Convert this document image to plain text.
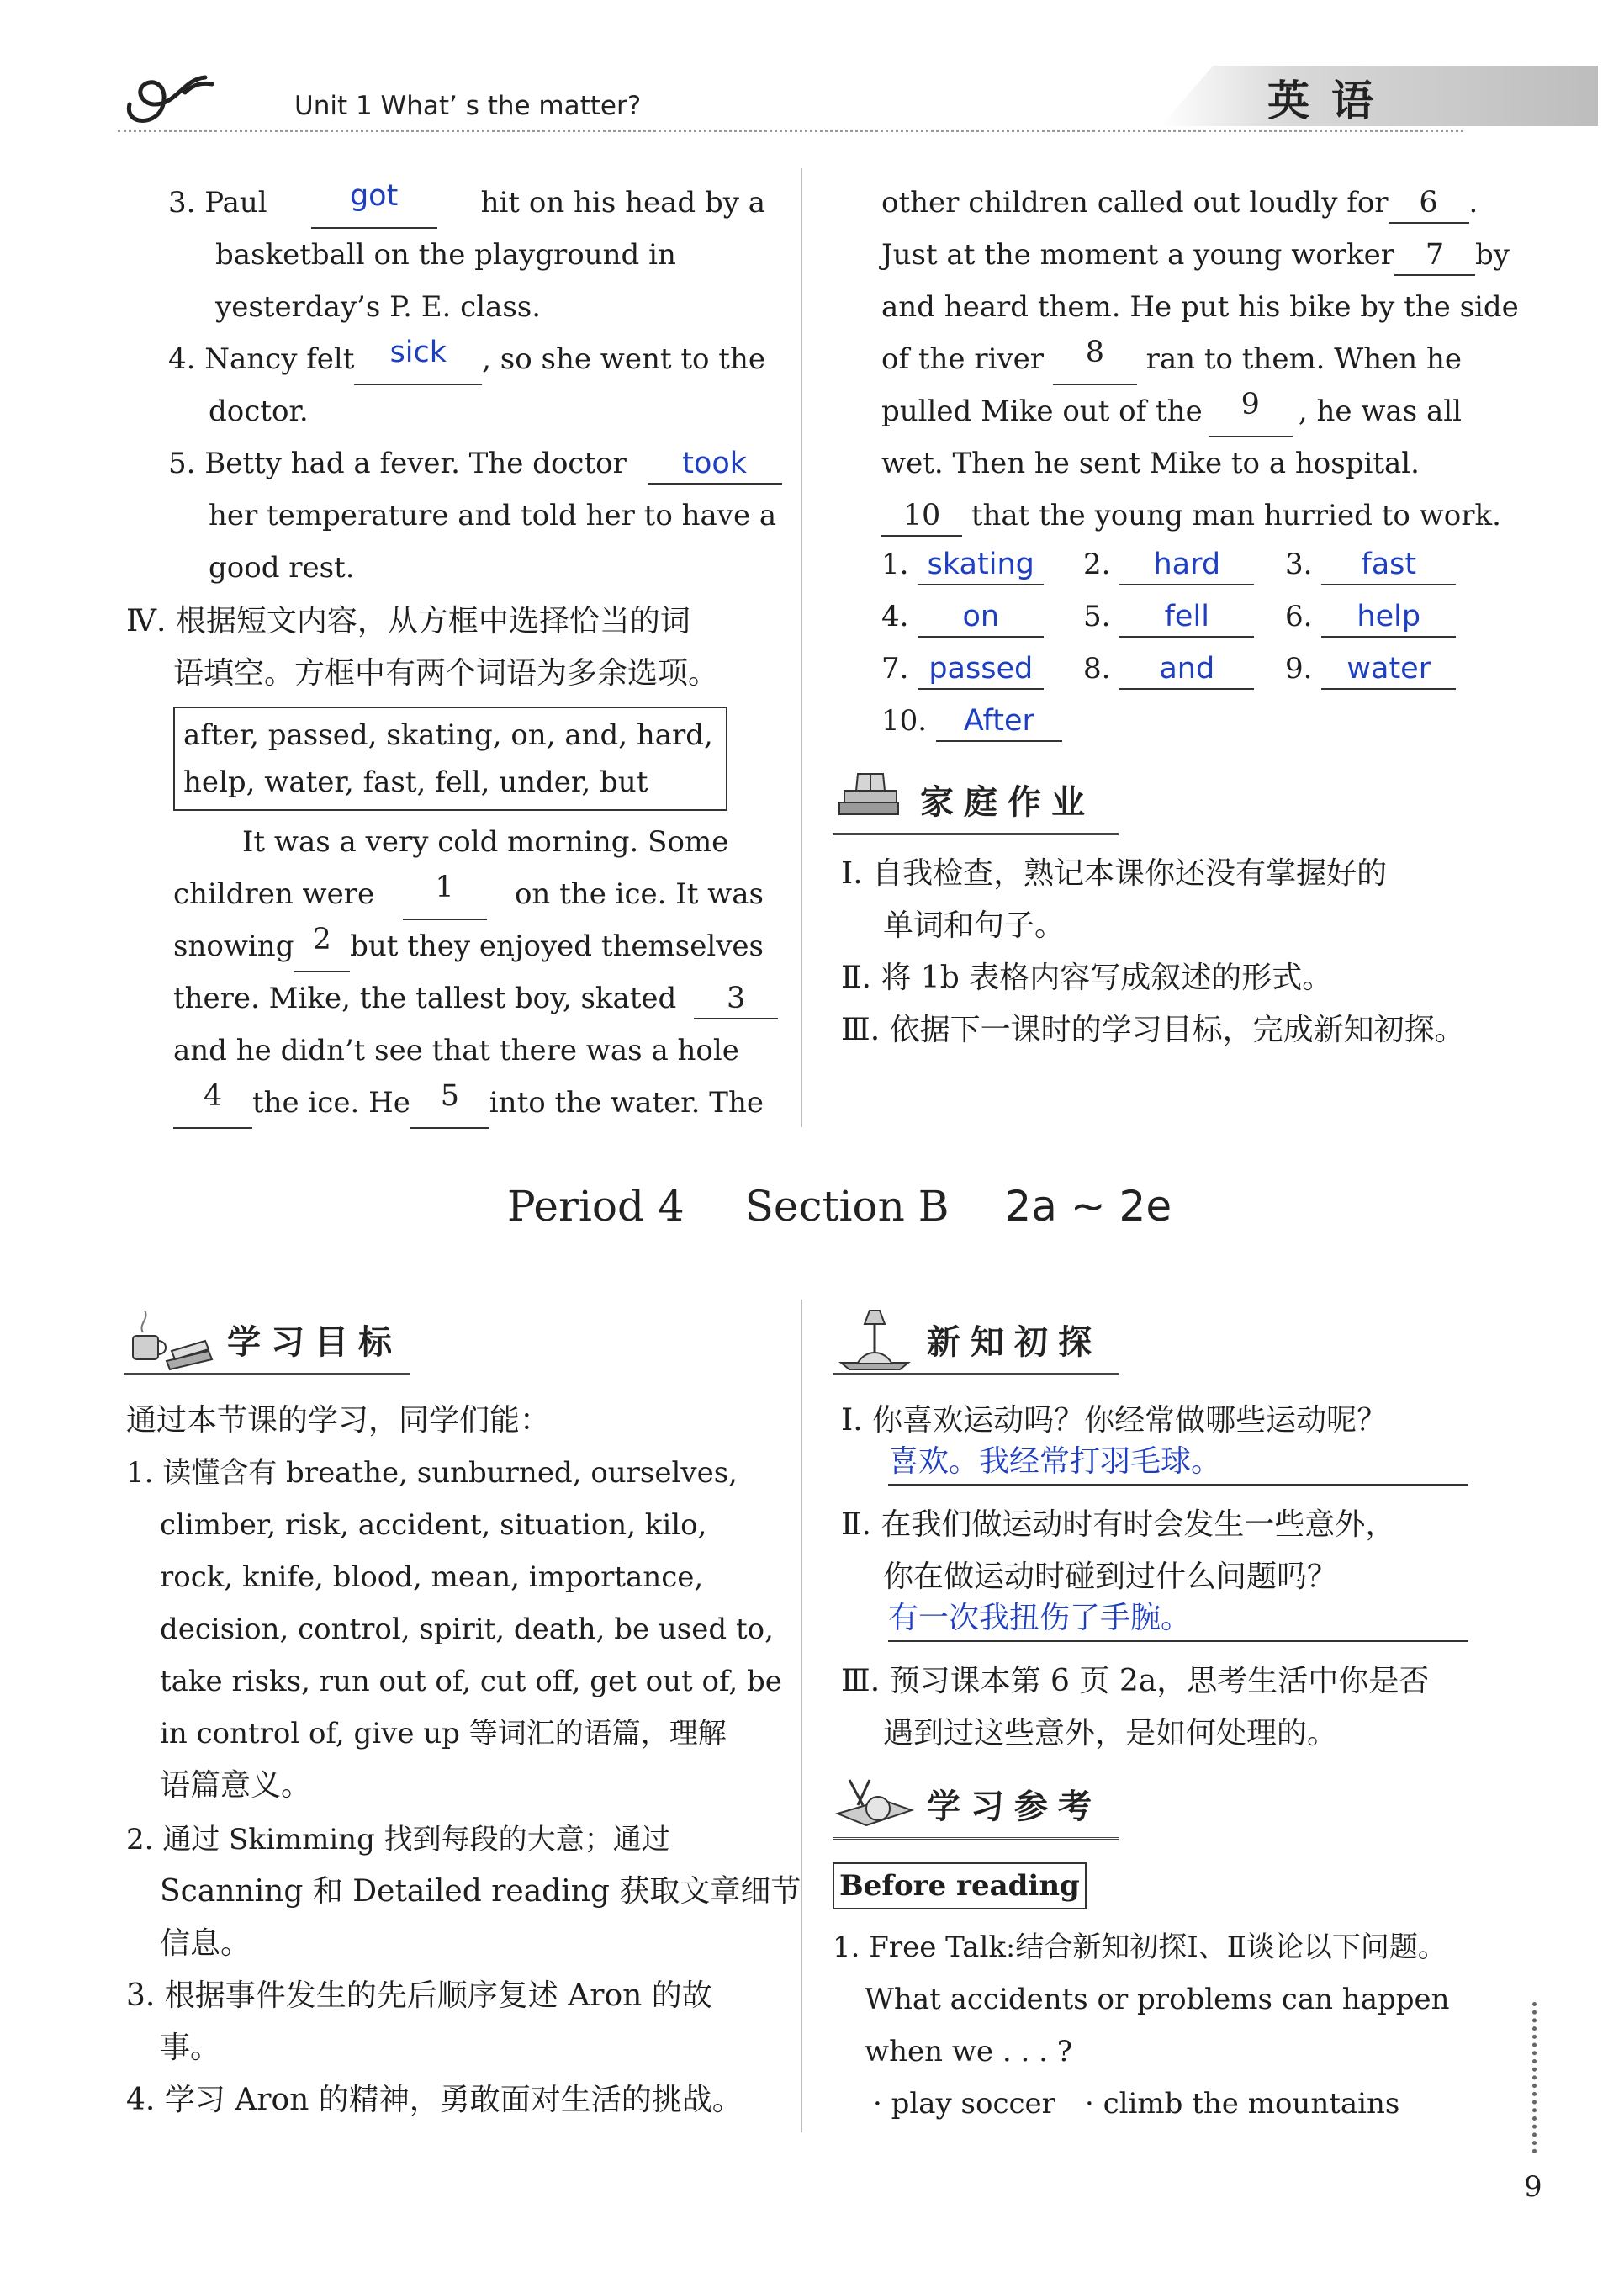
Unit 1 What’ s the matter?	英语
3. Paul	got	hit on his head by a
basketball on the playground in
yesterday’s P. E. class.
4. Nancy felt	sick	, so she went to the
doctor.
5. Betty had a fever. The doctor took
her temperature and told her to have a
good rest.
Ⅳ. 根据短文内容，从方框中选择恰当的词
语填空。方框中有两个词语为多余选项。
after, passed, skating, on, and, hard,
help, water, fast, fell, under, but
It was a very cold morning. Some
children were	1	on the ice. It was
snowing 2 but they enjoyed themselves
there. Mike, the tallest boy, skated 3
and he didn’t see that there was a hole
4	the ice. He	5	into the water. The
other children called out loudly for	6 .
Just at the moment a young worker	7 by
and heard them. He put his bike by the side
of the river	8	ran to them. When he
pulled Mike out of the	9	, he was all
wet. Then he sent Mike to a hospital.
10 that the young man hurried to work.
1. skating	2. hard	3. fast
4. on	5. fell	6. help
7. passed	8. and	9. water
10. After
家庭作业
Ⅰ. 自我检查，熟记本课你还没有掌握好的
单词和句子。
Ⅱ. 将 1b 表格内容写成叙述的形式。
Ⅲ. 依据下一课时的学习目标，完成新知初探。
Period 4 Section B 2a ~ 2e
学习目标
通过本节课的学习，同学们能：
1. 读懂含有 breathe, sunburned, ourselves,
climber, risk, accident, situation, kilo,
rock, knife, blood, mean, importance,
decision, control, spirit, death, be used to,
take risks, run out of, cut off, get out of, be
in control of, give up 等词汇的语篇，理解
语篇意义。
2. 通过 Skimming 找到每段的大意；通过
Scanning 和 Detailed reading 获取文章细节
信息。
3. 根据事件发生的先后顺序复述 Aron 的故
事。
4. 学习 Aron 的精神，勇敢面对生活的挑战。
新知初探
Ⅰ. 你喜欢运动吗？你经常做哪些运动呢？
喜欢。我经常打羽毛球。
Ⅱ. 在我们做运动时有时会发生一些意外，
你在做运动时碰到过什么问题吗？
有一次我扭伤了手腕。
Ⅲ. 预习课本第 6 页 2a，思考生活中你是否
遇到过这些意外，是如何处理的。
学习参考
Before reading
1. Free Talk:结合新知初探Ⅰ、Ⅱ谈论以下问题。
What accidents or problems can happen
when we . . . ?
· play soccer · climb the mountains
9
